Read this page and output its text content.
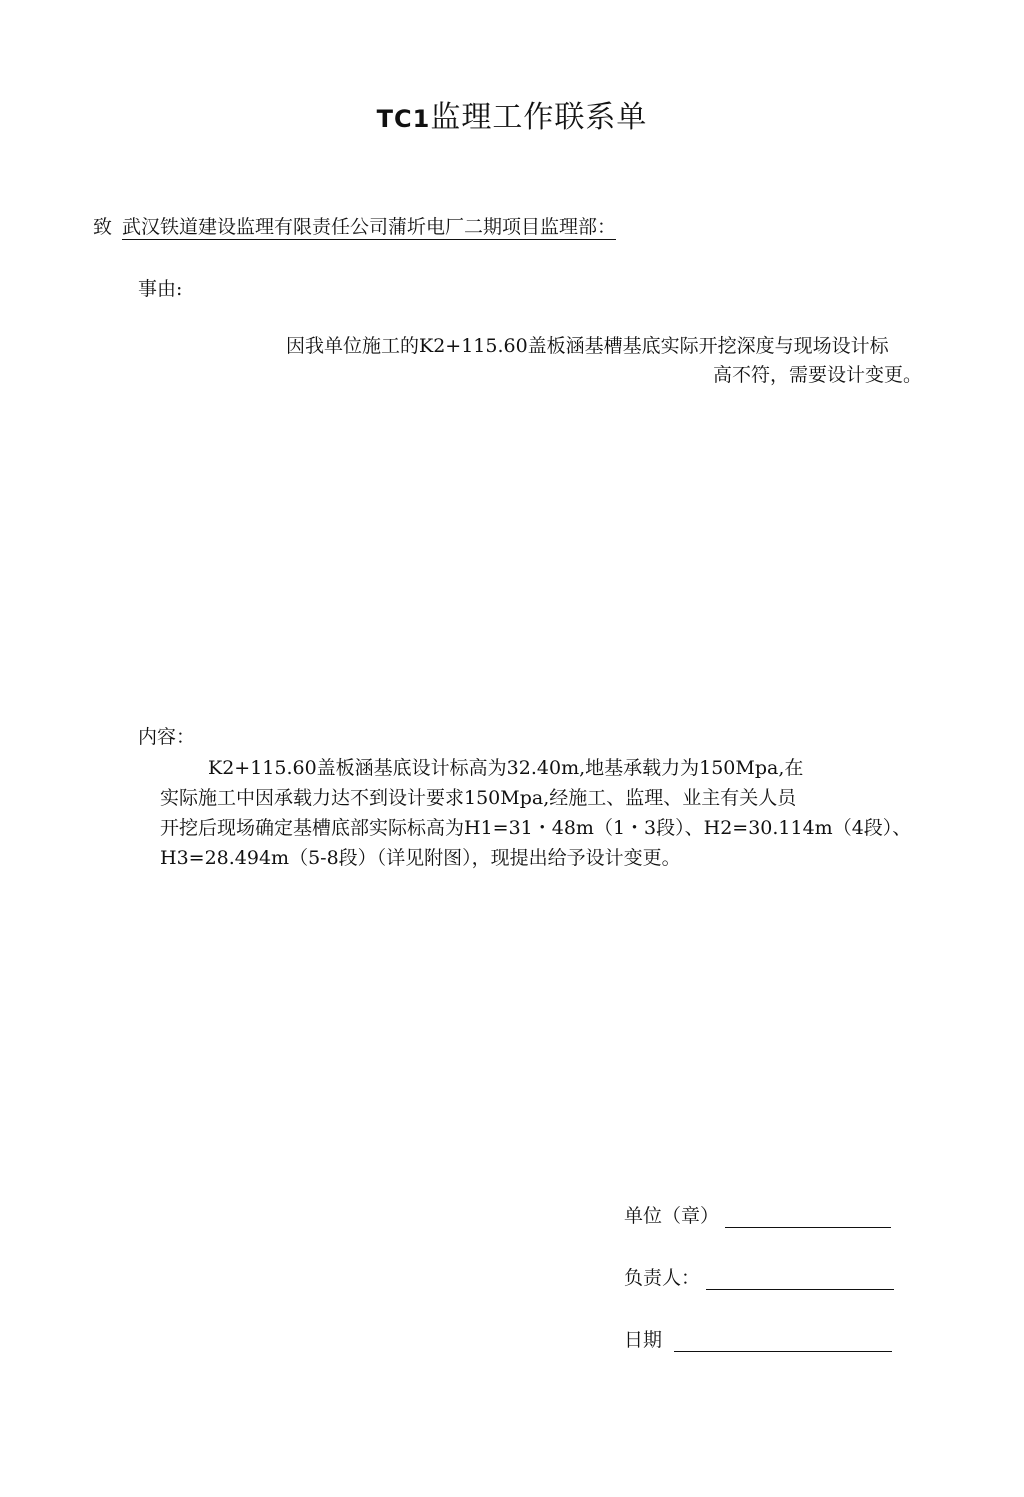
TC1监理工作联系单
致 武汉铁道建设监理有限责任公司蒲圻电厂二期项目监理部：
事由:
因我单位施工的K2+115.60盖板涵基槽基底实际开挖深度与现场设计标
高不符，需要设计变更。
内容：
K2+115.60盖板涵基底设计标高为32.40m,地基承载力为150Mpa,在
实际施工中因承载力达不到设计要求150Mpa,经施工、监理、业主有关人员
开挖后现场确定基槽底部实际标高为H1=31・48m（1・3段）、H2=30.114m（4段）、
H3=28.494m（5-8段）（详见附图），现提出给予设计变更。
单位（章）
负责人：
日期
